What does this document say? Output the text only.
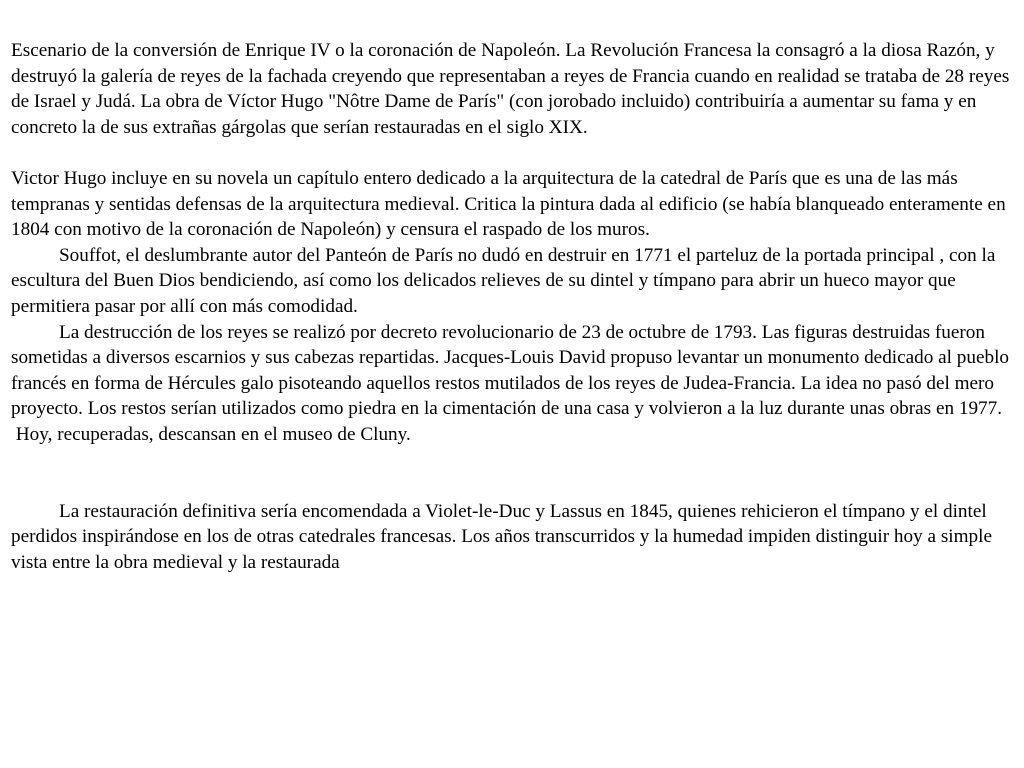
Escenario de la conversión de Enrique IV o la coronación de Napoleón. La Revolución Francesa la consagró a la diosa Razón, y destruyó la galería de reyes de la fachada creyendo que representaban a reyes de Francia cuando en realidad se trataba de 28 reyes de Israel y Judá. La obra de Víctor Hugo "Nôtre Dame de París" (con jorobado incluido) contribuiría a aumentar su fama y en concreto la de sus extrañas gárgolas que serían restauradas en el siglo XIX.

Victor Hugo incluye en su novela un capítulo entero dedicado a la arquitectura de la catedral de París que es una de las más tempranas y sentidas defensas de la arquitectura medieval. Critica la pintura dada al edificio (se había blanqueado enteramente en 1804 con motivo de la coronación de Napoleón) y censura el raspado de los muros.

Souffot, el deslumbrante autor del Panteón de París no dudó en destruir en 1771 el parteluz de la portada principal , con la escultura del Buen Dios bendiciendo, así como los delicados relieves de su dintel y tímpano para abrir un hueco mayor que permitiera pasar por allí con más comodidad.

La destrucción de los reyes se realizó por decreto revolucionario de 23 de octubre de 1793. Las figuras destruidas fueron sometidas a diversos escarnios y sus cabezas repartidas. Jacques-Louis David propuso levantar un monumento dedicado al pueblo francés en forma de Hércules galo pisoteando aquellos restos mutilados de los reyes de Judea-Francia. La idea no pasó del mero proyecto. Los restos serían utilizados como piedra en la cimentación de una casa y volvieron a la luz durante unas obras en 1977.

Hoy, recuperadas, descansan en el museo de Cluny.

La restauración definitiva sería encomendada a Violet-le-Duc y Lassus en 1845, quienes rehicieron el tímpano y el dintel perdidos inspirándose en los de otras catedrales francesas. Los años transcurridos y la humedad impiden distinguir hoy a simple vista entre la obra medieval y la restaurada
